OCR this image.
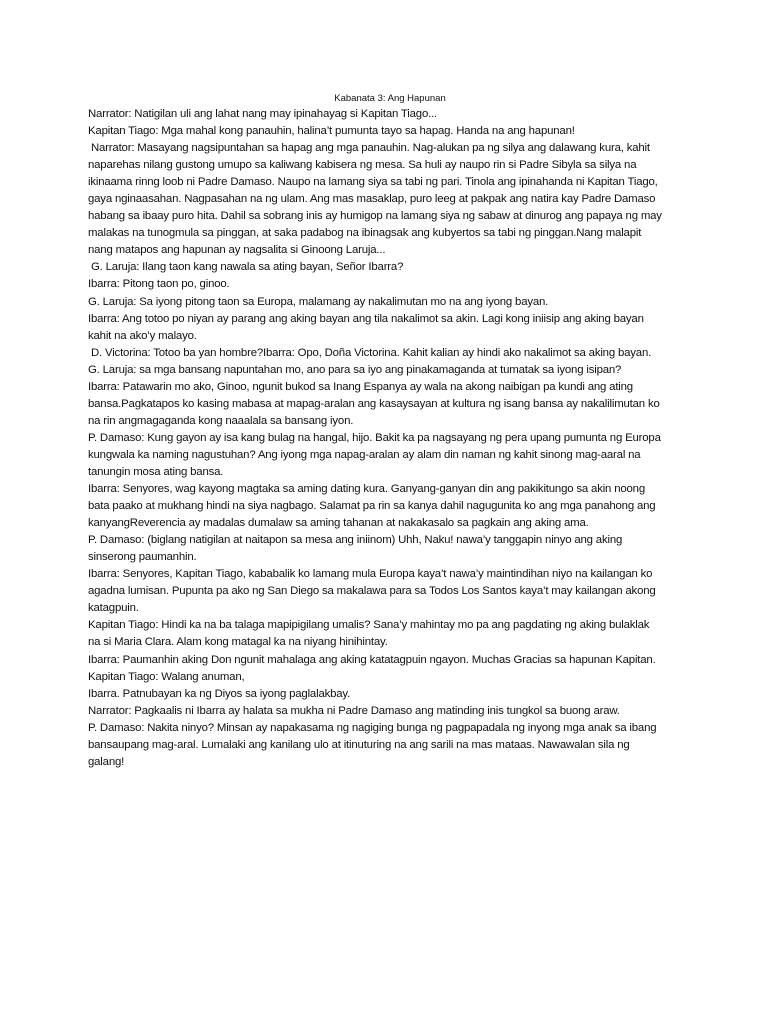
Kabanata 3: Ang Hapunan
Narrator: Natigilan uli ang lahat nang may ipinahayag si Kapitan Tiago...
Kapitan Tiago: Mga mahal kong panauhin, halina’t pumunta tayo sa hapag. Handa na ang hapunan!
Narrator: Masayang nagsipuntahan sa hapag ang mga panauhin. Nag-alukan pa ng silya ang dalawang kura, kahit
naparehas nilang gustong umupo sa kaliwang kabisera ng mesa. Sa huli ay naupo rin si Padre Sibyla sa silya na
ikinaama rinng loob ni Padre Damaso. Naupo na lamang siya sa tabi ng pari. Tinola ang ipinahanda ni Kapitan Tiago,
gaya nginaasahan. Nagpasahan na ng ulam. Ang mas masaklap, puro leeg at pakpak ang natira kay Padre Damaso
habang sa ibaay puro hita. Dahil sa sobrang inis ay humigop na lamang siya ng sabaw at dinurog ang papaya ng may
malakas na tunogmula sa pinggan, at saka padabog na ibinagsak ang kubyertos sa tabi ng pinggan.Nang malapit
nang matapos ang hapunan ay nagsalita si Ginoong Laruja...
G. Laruja: Ilang taon kang nawala sa ating bayan, Señor Ibarra?
Ibarra: Pitong taon po, ginoo.
G. Laruja: Sa iyong pitong taon sa Europa, malamang ay nakalimutan mo na ang iyong bayan.
Ibarra: Ang totoo po niyan ay parang ang aking bayan ang tila nakalimot sa akin. Lagi kong iniisip ang aking bayan
kahit na ako’y malayo.
D. Victorina: Totoo ba yan hombre?Ibarra: Opo, Doña Victorina. Kahit kalian ay hindi ako nakalimot sa aking bayan.
G. Laruja: sa mga bansang napuntahan mo, ano para sa iyo ang pinakamaganda at tumatak sa iyong isipan?
Ibarra: Patawarin mo ako, Ginoo, ngunit bukod sa Inang Espanya ay wala na akong naibigan pa kundi ang ating
bansa.Pagkatapos ko kasing mabasa at mapag-aralan ang kasaysayan at kultura ng isang bansa ay nakalilimutan ko
na rin angmagaganda kong naaalala sa bansang iyon.
P. Damaso: Kung gayon ay isa kang bulag na hangal, hijo. Bakit ka pa nagsayang ng pera upang pumunta ng Europa
kungwala ka naming nagustuhan? Ang iyong mga napag-aralan ay alam din naman ng kahit sinong mag-aaral na
tanungin mosa ating bansa.
Ibarra: Senyores, wag kayong magtaka sa aming dating kura. Ganyang-ganyan din ang pakikitungo sa akin noong
bata paako at mukhang hindi na siya nagbago. Salamat pa rin sa kanya dahil nagugunita ko ang mga panahong ang
kanyangReverencia ay madalas dumalaw sa aming tahanan at nakakasalo sa pagkain ang aking ama.
P. Damaso: (biglang natigilan at naitapon sa mesa ang iniinom) Uhh, Naku! nawa’y tanggapin ninyo ang aking
sinserong paumanhin.
Ibarra: Senyores, Kapitan Tiago, kababalik ko lamang mula Europa kaya’t nawa’y maintindihan niyo na kailangan ko
agadna lumisan. Pupunta pa ako ng San Diego sa makalawa para sa Todos Los Santos kaya’t may kailangan akong
katagpuin.
Kapitan Tiago: Hindi ka na ba talaga mapipigilang umalis? Sana’y mahintay mo pa ang pagdating ng aking bulaklak
na si Maria Clara. Alam kong matagal ka na niyang hinihintay.
Ibarra: Paumanhin aking Don ngunit mahalaga ang aking katatagpuin ngayon. Muchas Gracias sa hapunan Kapitan.
Kapitan Tiago: Walang anuman,
Ibarra. Patnubayan ka ng Diyos sa iyong paglalakbay.
Narrator: Pagkaalis ni Ibarra ay halata sa mukha ni Padre Damaso ang matinding inis tungkol sa buong araw.
P. Damaso: Nakita ninyo? Minsan ay napakasama ng nagiging bunga ng pagpapadala ng inyong mga anak sa ibang
bansaupang mag-aral. Lumalaki ang kanilang ulo at itinuturing na ang sarili na mas mataas. Nawawalan sila ng
galang!
